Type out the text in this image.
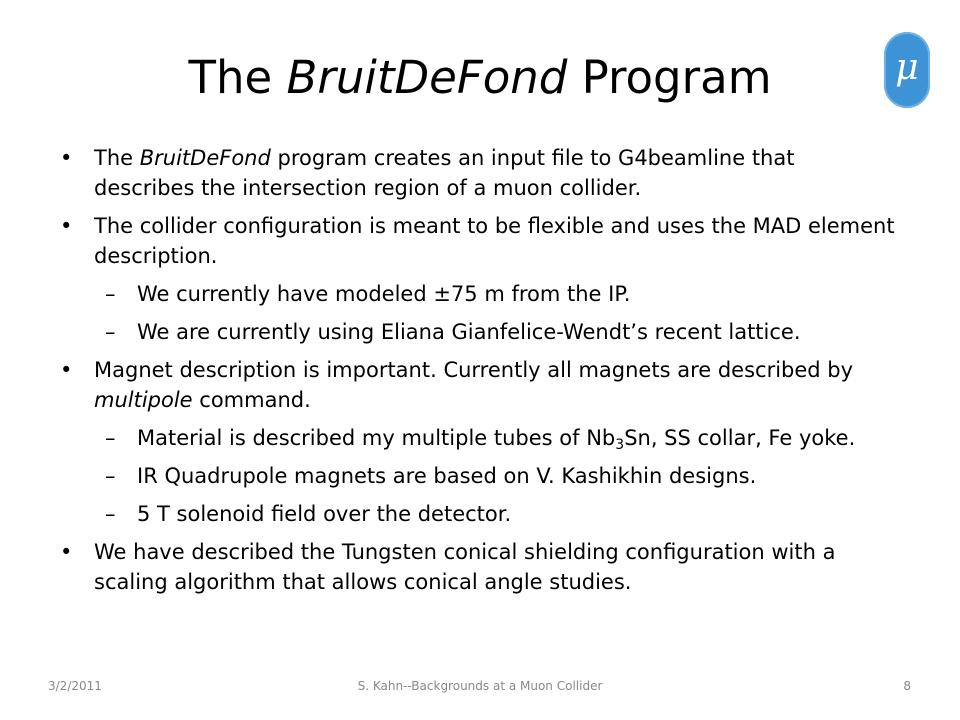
The BruitDeFond Program	μ
•	The BruitDeFond program creates an input file to G4beamline that describes the intersection region of a muon collider.
•	The collider configuration is meant to be flexible and uses the MAD element description.
–	We currently have modeled ±75 m from the IP.
–	We are currently using Eliana Gianfelice-Wendt’s recent lattice.
•	Magnet description is important. Currently all magnets are described by multipole command.
–	Material is described my multiple tubes of $Nb_3Sn$, SS collar, Fe yoke.
–	IR Quadrupole magnets are based on V. Kashikhin designs.
–	5 T solenoid field over the detector.
•	We have described the Tungsten conical shielding configuration with a scaling algorithm that allows conical angle studies.
3/2/2011	S. Kahn--Backgrounds at a Muon Collider	8
